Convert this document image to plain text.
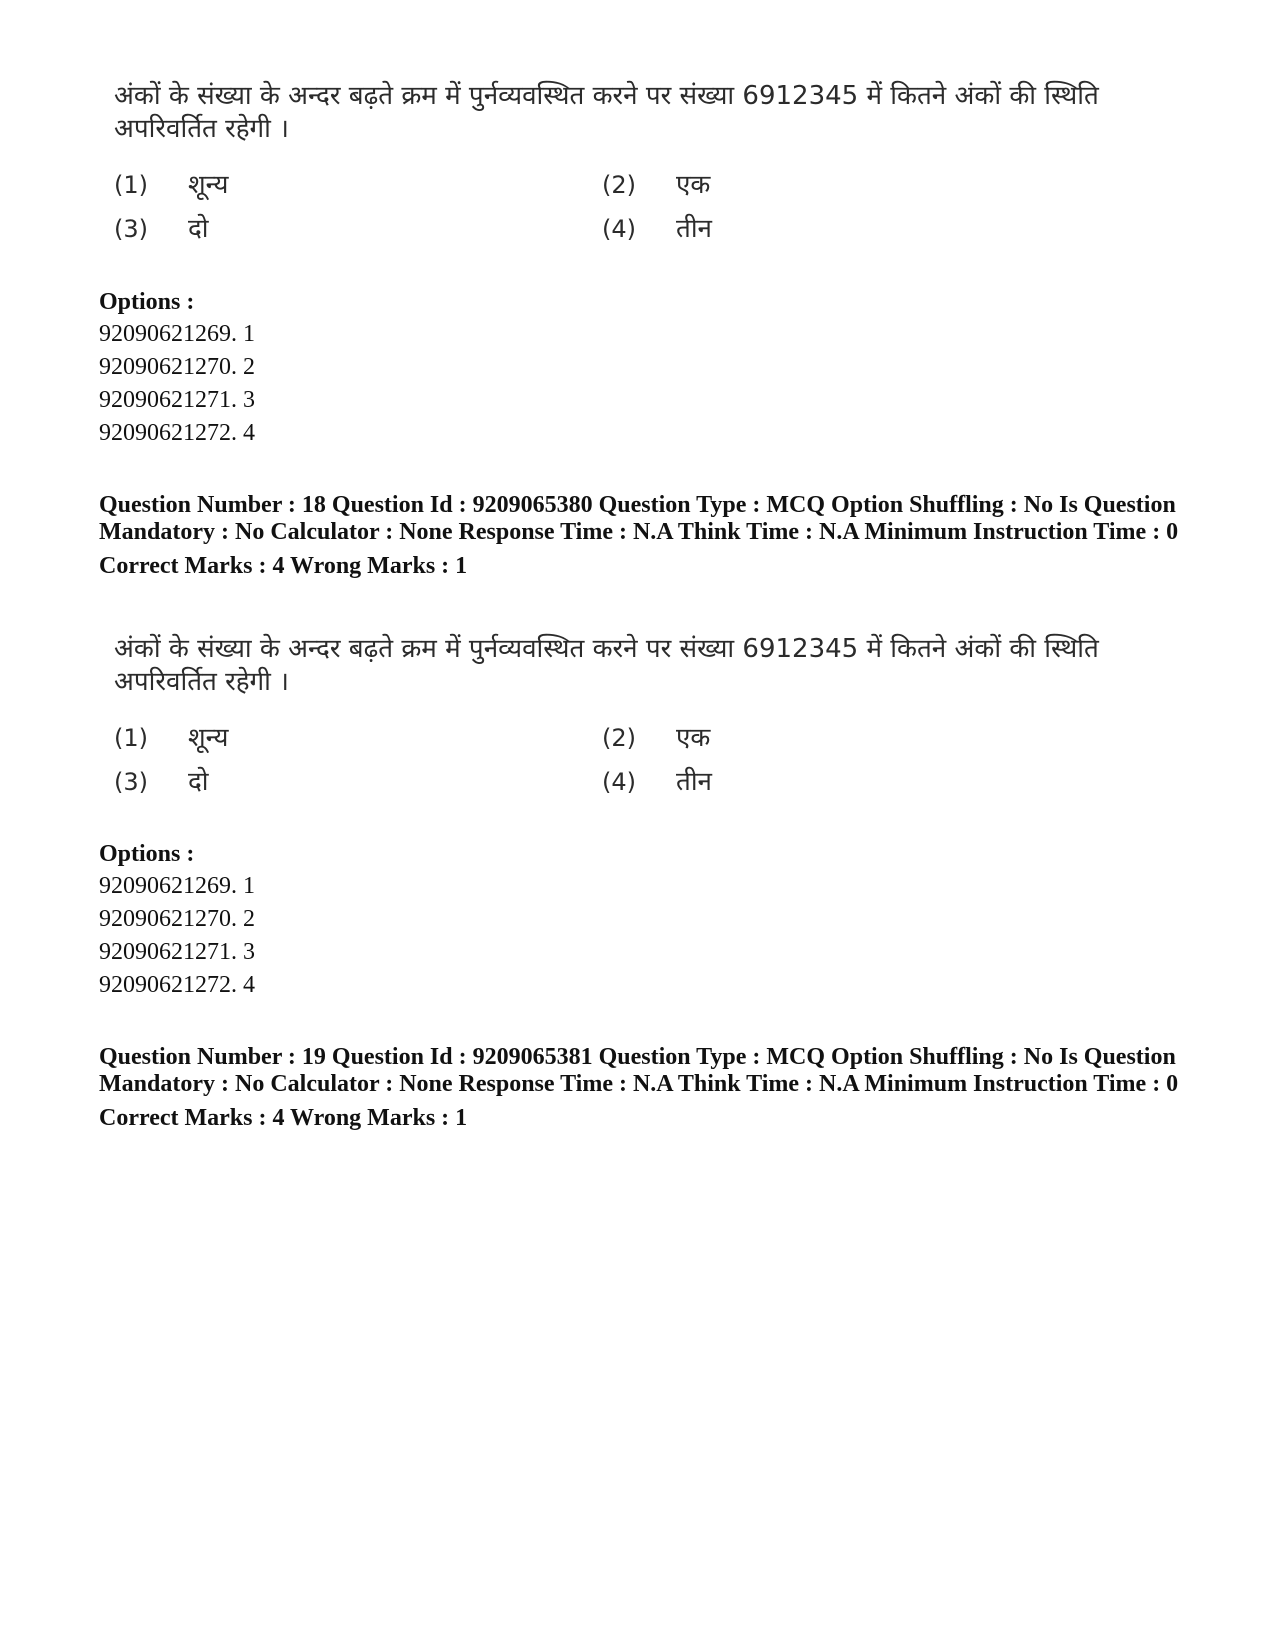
अंकों के संख्या के अन्दर बढ़ते क्रम में पुर्नव्यवस्थित करने पर संख्या 6912345 में कितने अंकों की स्थिति अपरिवर्तित रहेगी ।

(1)	शून्य	(2)	एक
(3)	दो	(4)	तीन

Options :

92090621269. 1

92090621270. 2

92090621271. 3

92090621272. 4

Question Number : 18 Question Id : 9209065380 Question Type : MCQ Option Shuffling : No Is Question Mandatory : No Calculator : None Response Time : N.A Think Time : N.A Minimum Instruction Time : 0

Correct Marks : 4 Wrong Marks : 1

अंकों के संख्या के अन्दर बढ़ते क्रम में पुर्नव्यवस्थित करने पर संख्या 6912345 में कितने अंकों की स्थिति अपरिवर्तित रहेगी ।

(1)	शून्य	(2)	एक
(3)	दो	(4)	तीन

Options :

92090621269. 1

92090621270. 2

92090621271. 3

92090621272. 4

Question Number : 19 Question Id : 9209065381 Question Type : MCQ Option Shuffling : No Is Question Mandatory : No Calculator : None Response Time : N.A Think Time : N.A Minimum Instruction Time : 0

Correct Marks : 4 Wrong Marks : 1
